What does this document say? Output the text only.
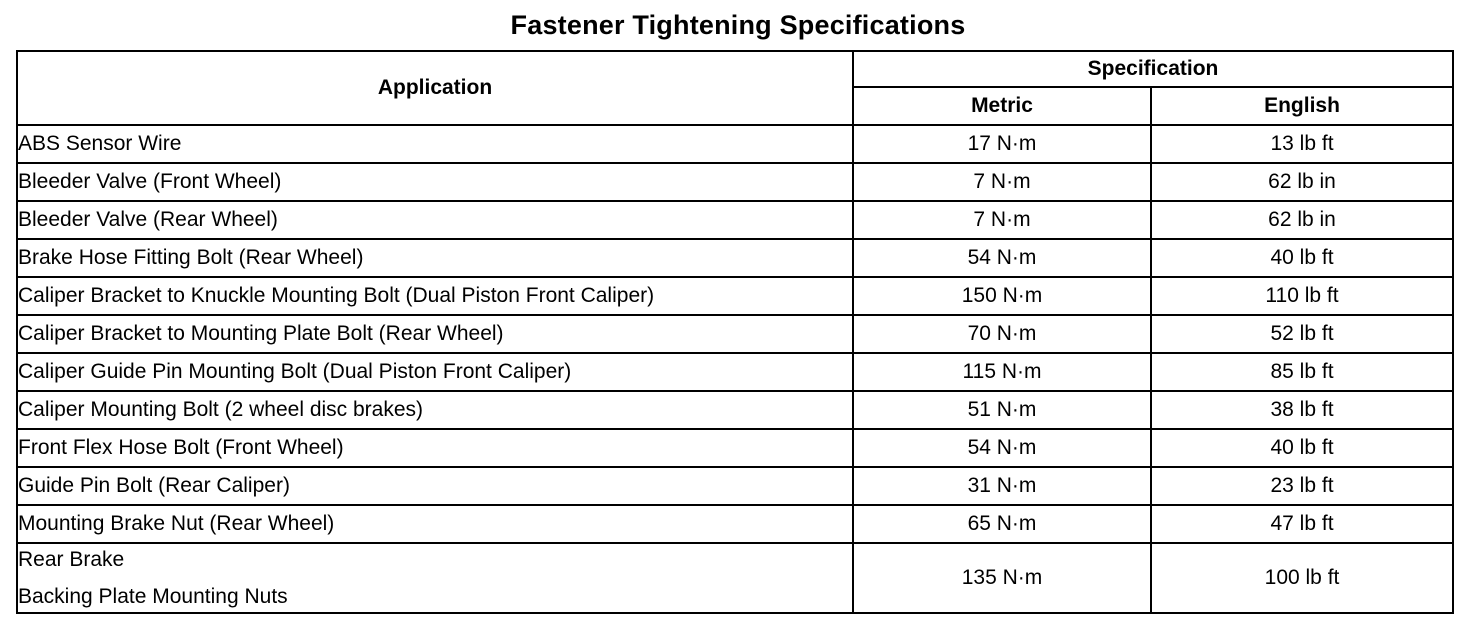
Fastener Tightening Specifications
Application	Specification	
	Metric	English
ABS Sensor Wire	17 N·m	13 lb ft
Bleeder Valve (Front Wheel)	7 N·m	62 lb in
Bleeder Valve (Rear Wheel)	7 N·m	62 lb in
Brake Hose Fitting Bolt (Rear Wheel)	54 N·m	40 lb ft
Caliper Bracket to Knuckle Mounting Bolt (Dual Piston Front Caliper)	150 N·m	110 lb ft
Caliper Bracket to Mounting Plate Bolt (Rear Wheel)	70 N·m	52 lb ft
Caliper Guide Pin Mounting Bolt (Dual Piston Front Caliper)	115 N·m	85 lb ft
Caliper Mounting Bolt (2 wheel disc brakes)	51 N·m	38 lb ft
Front Flex Hose Bolt (Front Wheel)	54 N·m	40 lb ft
Guide Pin Bolt (Rear Caliper)	31 N·m	23 lb ft
Mounting Brake Nut (Rear Wheel)	65 N·m	47 lb ft

Rear Brake
Backing Plate Mounting Nuts	135 N·m	100 lb ft
